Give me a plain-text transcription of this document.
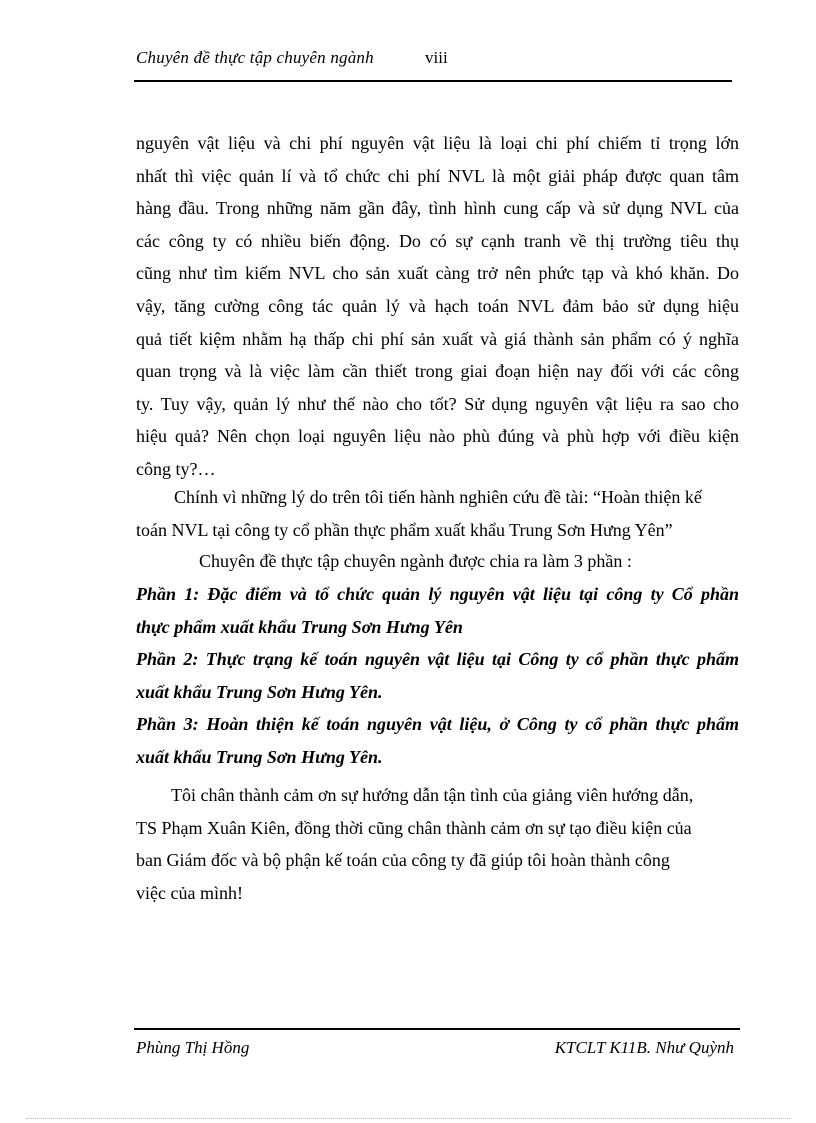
Chuyên đề thực tập chuyên ngành	viii
nguyên vật liệu và chi phí nguyên vật liệu là loại chi phí chiếm tỉ trọng lớn
nhất thì việc quản lí và tổ chức chi phí NVL là một giải pháp được quan tâm
hàng đầu. Trong những năm gần đây, tình hình cung cấp và sử dụng NVL của
các công ty có nhiều biến động. Do có sự cạnh tranh về thị trường tiêu thụ
cũng như tìm kiếm NVL cho sản xuất càng trở nên phức tạp và khó khăn. Do
vậy, tăng cường công tác quản lý và hạch toán NVL đảm bảo sử dụng hiệu
quả tiết kiệm nhằm hạ thấp chi phí sản xuất và giá thành sản phẩm có ý nghĩa
quan trọng và là việc làm cần thiết trong giai đoạn hiện nay đối với các công
ty. Tuy vậy, quản lý như thế nào cho tốt? Sử dụng nguyên vật liệu ra sao cho
hiệu quả? Nên chọn loại nguyên liệu nào phù đúng và phù hợp với điều kiện
công ty?…
Chính vì những lý do trên tôi tiến hành nghiên cứu đề tài: “Hoàn thiện kế
toán NVL tại công ty cổ phần thực phẩm xuất khẩu Trung Sơn Hưng Yên”
Chuyên đề thực tập chuyên ngành được chia ra làm 3 phần :
Phần 1: Đặc điểm và tổ chức quản lý nguyên vật liệu tại công ty Cổ phần
thực phẩm xuất khẩu Trung Sơn Hưng Yên
Phần 2: Thực trạng kế toán nguyên vật liệu tại Công ty cổ phần thực phẩm
xuất khẩu Trung Sơn Hưng Yên.
Phần 3: Hoàn thiện kế toán nguyên vật liệu, ở Công ty cổ phần thực phẩm
xuất khẩu Trung Sơn Hưng Yên.
Tôi chân thành cảm ơn sự hướng dẫn tận tình của giảng viên hướng dẫn,
TS Phạm Xuân Kiên, đồng thời cũng chân thành cảm ơn sự tạo điều kiện của
ban Giám đốc và bộ phận kế toán của công ty đã giúp tôi hoàn thành công
việc của mình!
Phùng Thị Hồng	KTCLT K11B. Như Quỳnh
